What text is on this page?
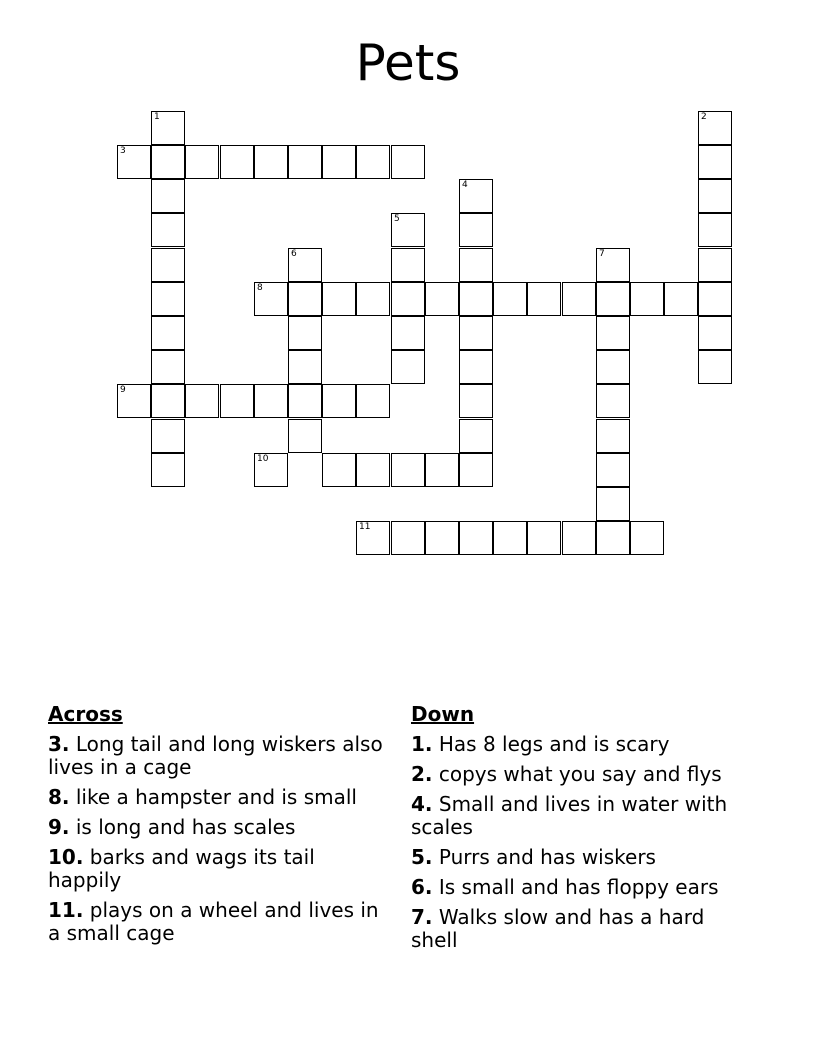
Pets
1
3
2
4
5
6	7
8
9
10
11
Across
3. Long tail and long wiskers also lives in a cage
8. like a hampster and is small
9. is long and has scales
10. barks and wags its tail happily
11. plays on a wheel and lives in a small cage
Down
1. Has 8 legs and is scary
2. copys what you say and flys
4. Small and lives in water with scales
5. Purrs and has wiskers
6. Is small and has floppy ears
7. Walks slow and has a hard shell
